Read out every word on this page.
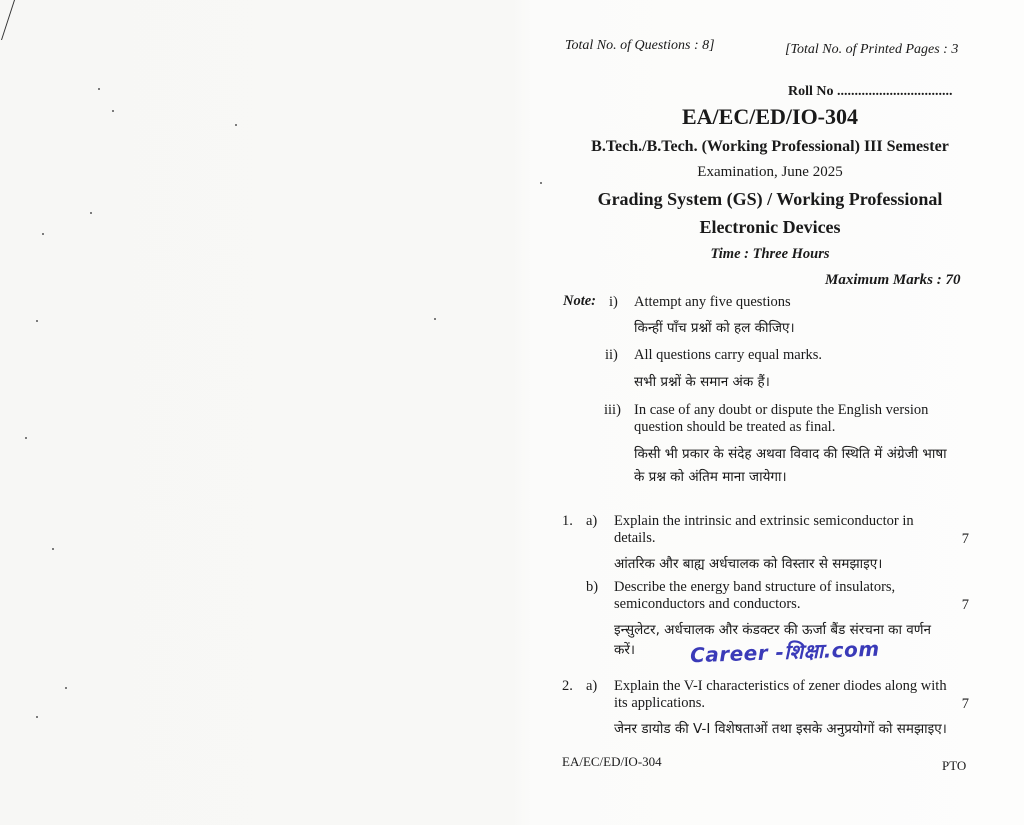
Total No. of Questions : 8]	[Total No. of Printed Pages : 3
Roll No .................................
EA/EC/ED/IO-304
B.Tech./B.Tech. (Working Professional) III Semester
Examination, June 2025
Grading System (GS) / Working Professional
Electronic Devices
Time : Three Hours
Maximum Marks : 70
Note: i) Attempt any five questions
किन्हीं पाँच प्रश्नों को हल कीजिए।
ii) All questions carry equal marks.
सभी प्रश्नों के समान अंक हैं।
iii) In case of any doubt or dispute the English version
question should be treated as final.
किसी भी प्रकार के संदेह अथवा विवाद की स्थिति में अंग्रेजी भाषा
के प्रश्न को अंतिम माना जायेगा।
1. a) Explain the intrinsic and extrinsic semiconductor in
details.	7
आंतरिक और बाह्य अर्धचालक को विस्तार से समझाइए।
b) Describe the energy band structure of insulators,
semiconductors and conductors.	7
इन्सुलेटर, अर्धचालक और कंडक्टर की ऊर्जा बैंड संरचना का वर्णन
करें।	Career -शिक्षा.com
2. a) Explain the V-I characteristics of zener diodes along with
its applications.	7
जेनर डायोड की V-I विशेषताओं तथा इसके अनुप्रयोगों को समझाइए।
EA/EC/ED/IO-304	PTO
